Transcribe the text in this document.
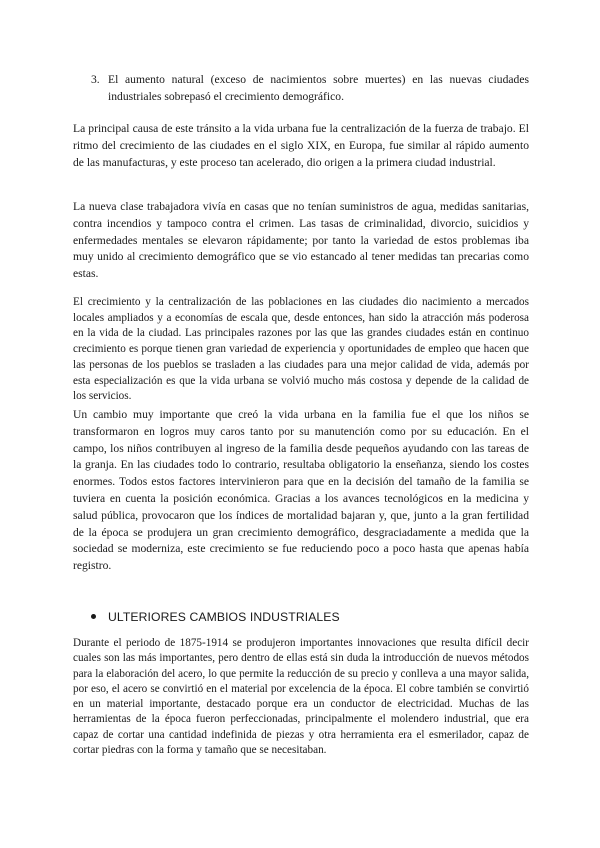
3. El aumento natural (exceso de nacimientos sobre muertes) en las nuevas ciudades industriales sobrepasó el crecimiento demográfico.

La principal causa de este tránsito a la vida urbana fue la centralización de la fuerza de trabajo. El ritmo del crecimiento de las ciudades en el siglo XIX, en Europa, fue similar al rápido aumento de las manufacturas, y este proceso tan acelerado, dio origen a la primera ciudad industrial.

La nueva clase trabajadora vivía en casas que no tenían suministros de agua, medidas sanitarias, contra incendios y tampoco contra el crimen. Las tasas de criminalidad, divorcio, suicidios y enfermedades mentales se elevaron rápidamente; por tanto la variedad de estos problemas iba muy unido al crecimiento demográfico que se vio estancado al tener medidas tan precarias como estas.

El crecimiento y la centralización de las poblaciones en las ciudades dio nacimiento a mercados locales ampliados y a economías de escala que, desde entonces, han sido la atracción más poderosa en la vida de la ciudad. Las principales razones por las que las grandes ciudades están en continuo crecimiento es porque tienen gran variedad de experiencia y oportunidades de empleo que hacen que las personas de los pueblos se trasladen a las ciudades para una mejor calidad de vida, además por esta especialización es que la vida urbana se volvió mucho más costosa y depende de la calidad de los servicios.

Un cambio muy importante que creó la vida urbana en la familia fue el que los niños se transformaron en logros muy caros tanto por su manutención como por su educación. En el campo, los niños contribuyen al ingreso de la familia desde pequeños ayudando con las tareas de la granja. En las ciudades todo lo contrario, resultaba obligatorio la enseñanza, siendo los costes enormes. Todos estos factores intervinieron para que en la decisión del tamaño de la familia se tuviera en cuenta la posición económica. Gracias a los avances tecnológicos en la medicina y salud pública, provocaron que los índices de mortalidad bajaran y, que, junto a la gran fertilidad de la época se produjera un gran crecimiento demográfico, desgraciadamente a medida que la sociedad se moderniza, este crecimiento se fue reduciendo poco a poco hasta que apenas había registro.

ULTERIORES CAMBIOS INDUSTRIALES

Durante el periodo de 1875-1914 se produjeron importantes innovaciones que resulta difícil decir cuales son las más importantes, pero dentro de ellas está sin duda la introducción de nuevos métodos para la elaboración del acero, lo que permite la reducción de su precio y conlleva a una mayor salida, por eso, el acero se convirtió en el material por excelencia de la época. El cobre también se convirtió en un material importante, destacado porque era un conductor de electricidad. Muchas de las herramientas de la época fueron perfeccionadas, principalmente el molendero industrial, que era capaz de cortar una cantidad indefinida de piezas y otra herramienta era el esmerilador, capaz de cortar piedras con la forma y tamaño que se necesitaban.
